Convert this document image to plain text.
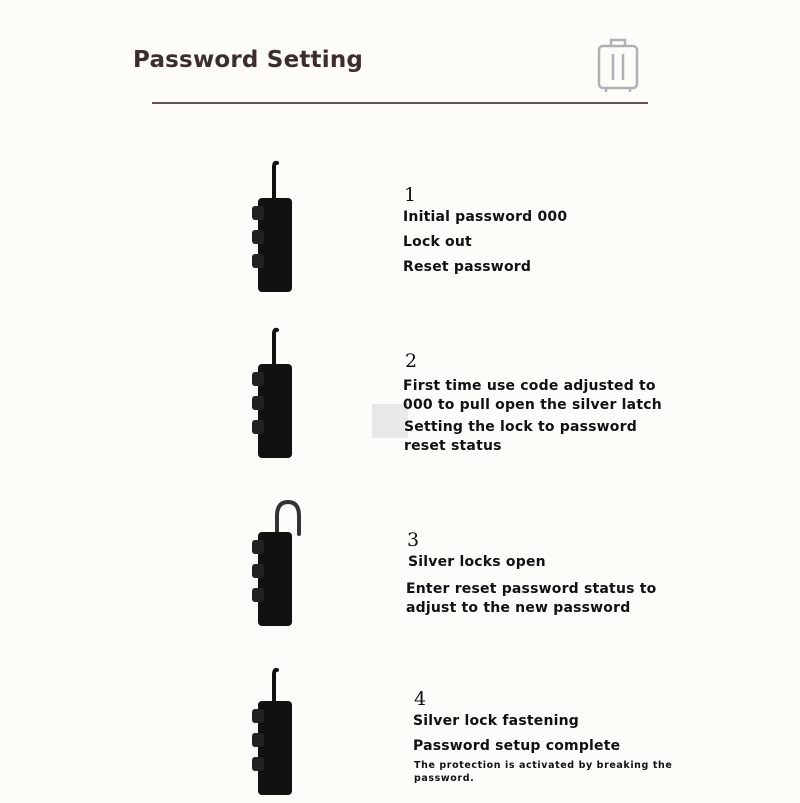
Password Setting
1
Initial password 000
Lock out
Reset password
2
First time use code adjusted to
000 to pull open the silver latch
Setting the lock to password
reset status
3
Silver locks open
Enter reset password status to
adjust to the new password
4
Silver lock fastening
Password setup complete
The protection is activated by breaking the
password.
